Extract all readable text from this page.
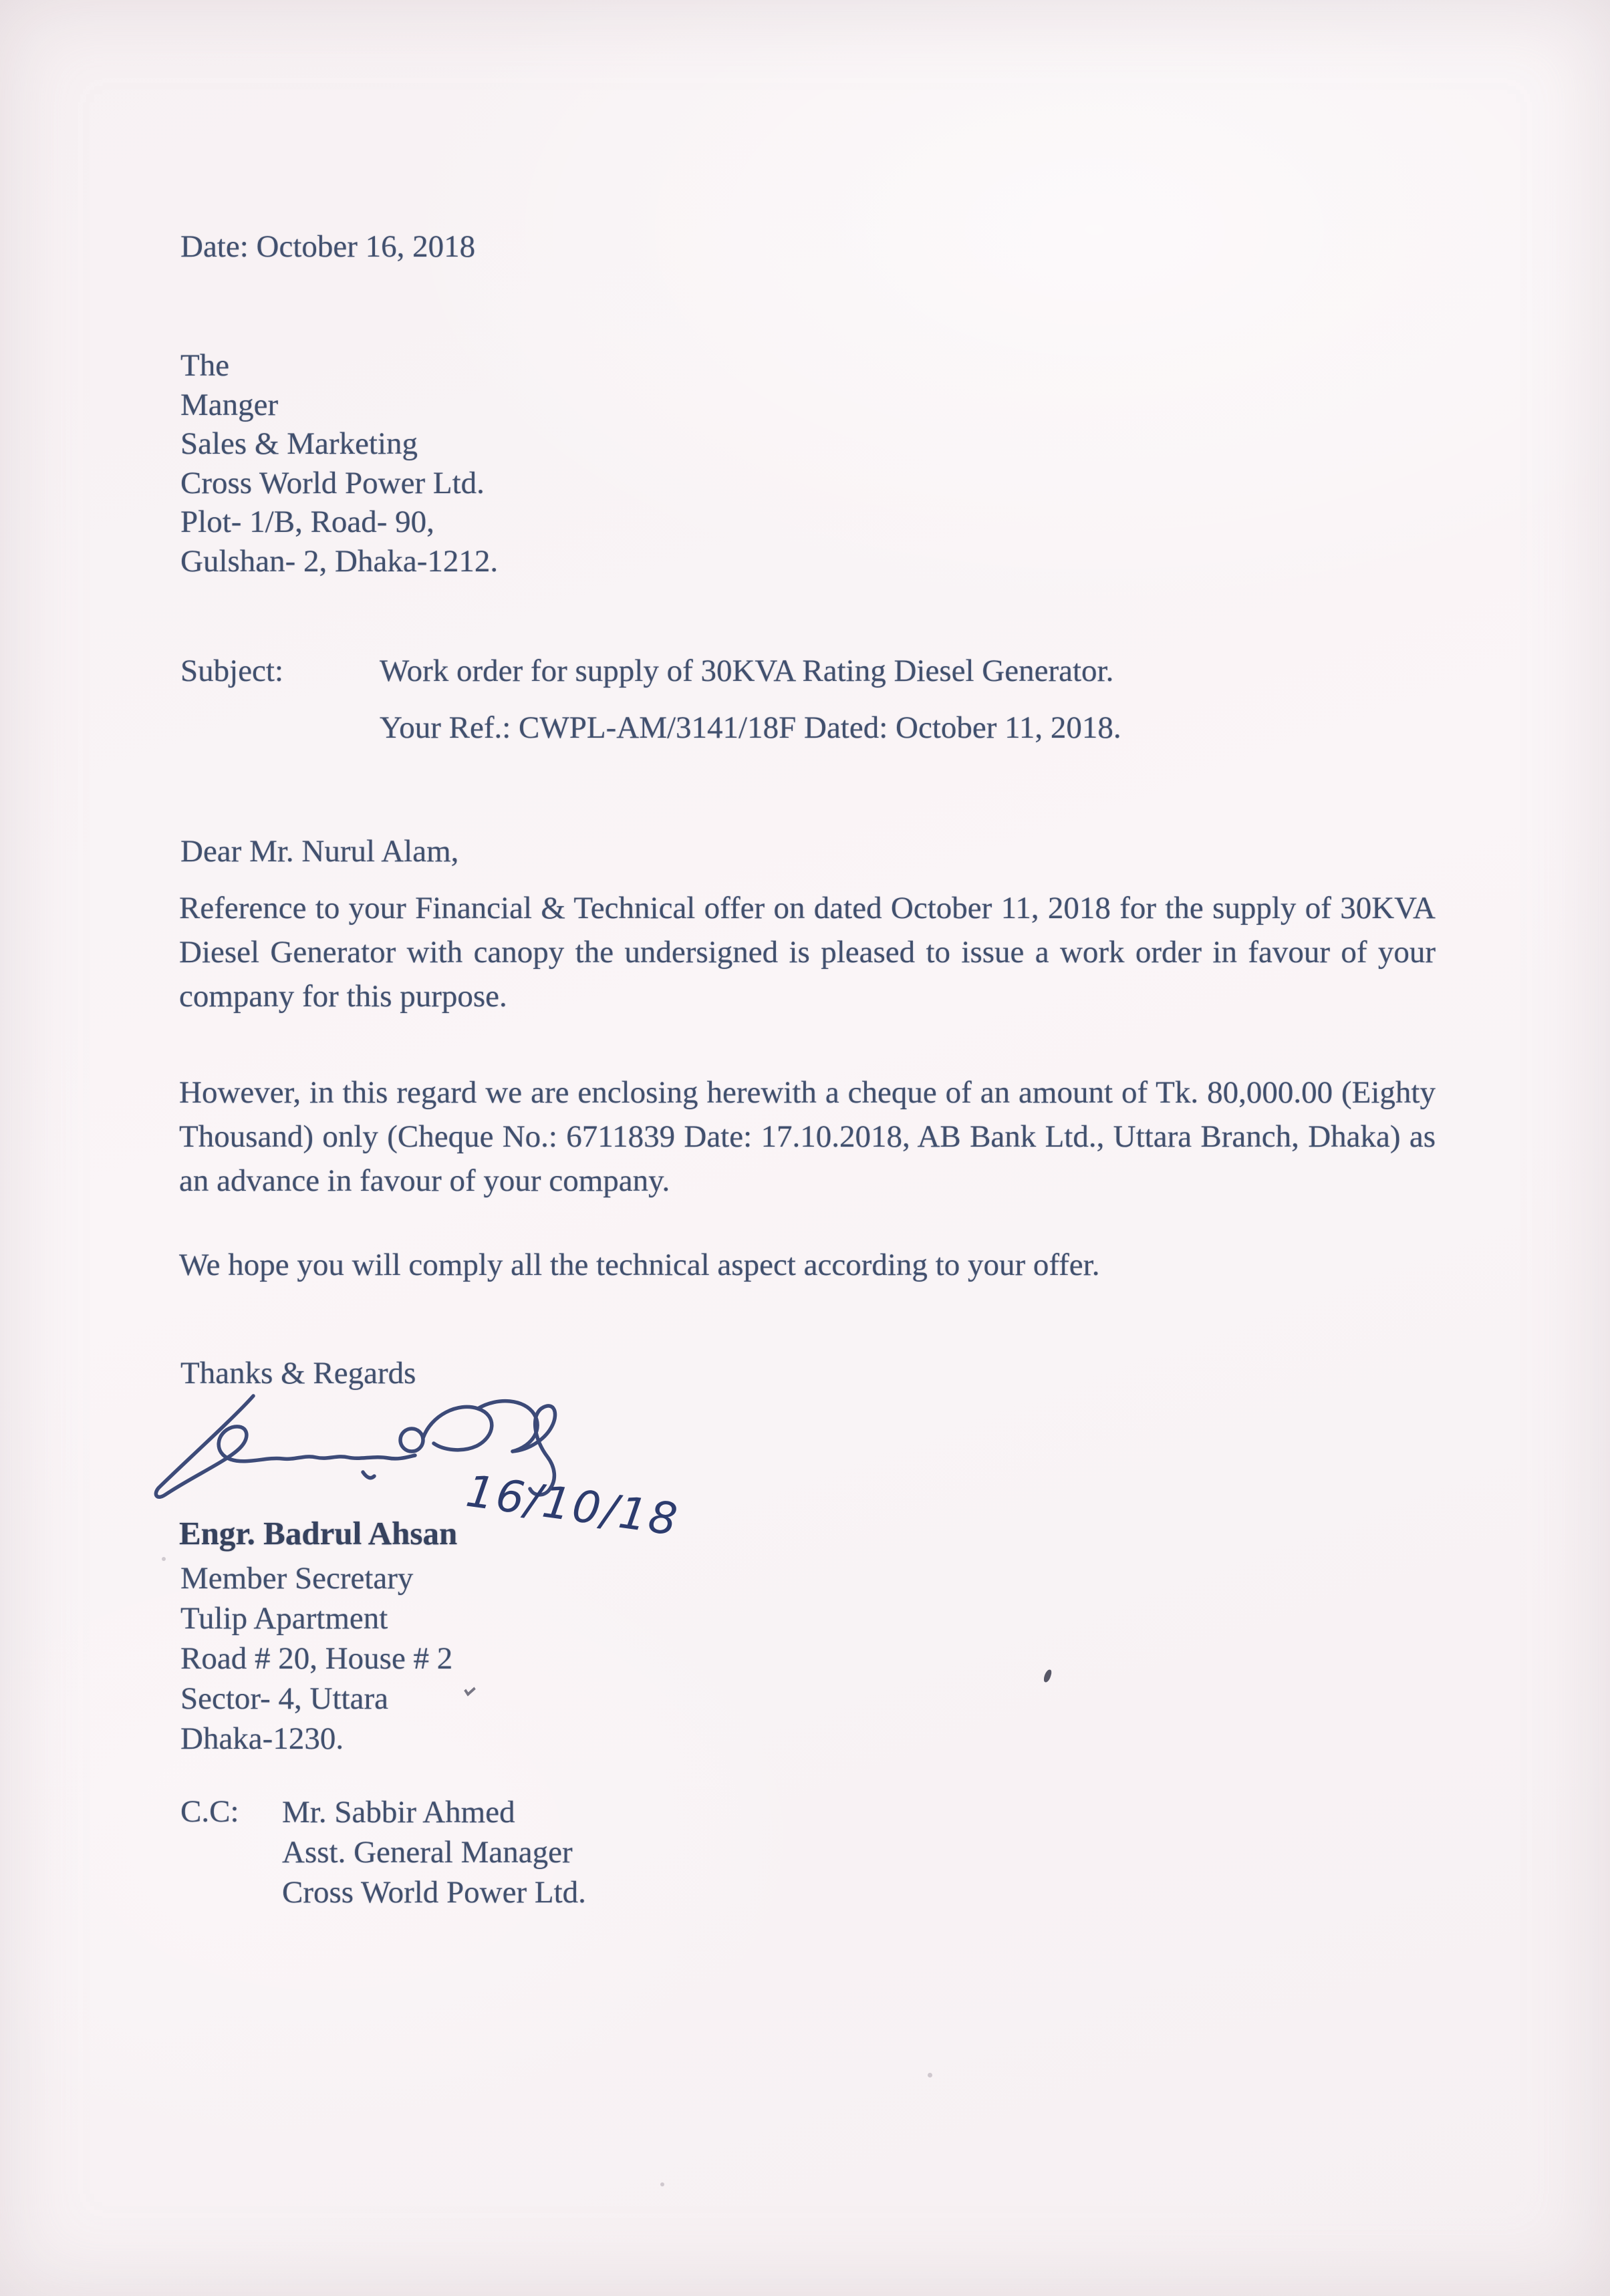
Date: October 16, 2018
The
Manger
Sales & Marketing
Cross World Power Ltd.
Plot- 1/B, Road- 90,
Gulshan- 2, Dhaka-1212.
Subject:	Work order for supply of 30KVA Rating Diesel Generator.
Your Ref.: CWPL-AM/3141/18F Dated: October 11, 2018.
Dear Mr. Nurul Alam,

Reference to your Financial & Technical offer on dated October 11, 2018 for the supply of 30KVA Diesel Generator with canopy the undersigned is pleased to issue a work order in favour of your company for this purpose.

However, in this regard we are enclosing herewith a cheque of an amount of Tk. 80,000.00 (Eighty Thousand) only (Cheque No.: 6711839 Date: 17.10.2018, AB Bank Ltd., Uttara Branch, Dhaka) as an advance in favour of your company.

We hope you will comply all the technical aspect according to your offer.

Thanks & Regards
16/10/18
Engr. Badrul Ahsan
Member Secretary
Tulip Apartment
Road # 20, House # 2
Sector- 4, Uttara
Dhaka-1230.
C.C: Mr. Sabbir Ahmed
Asst. General Manager
Cross World Power Ltd.
